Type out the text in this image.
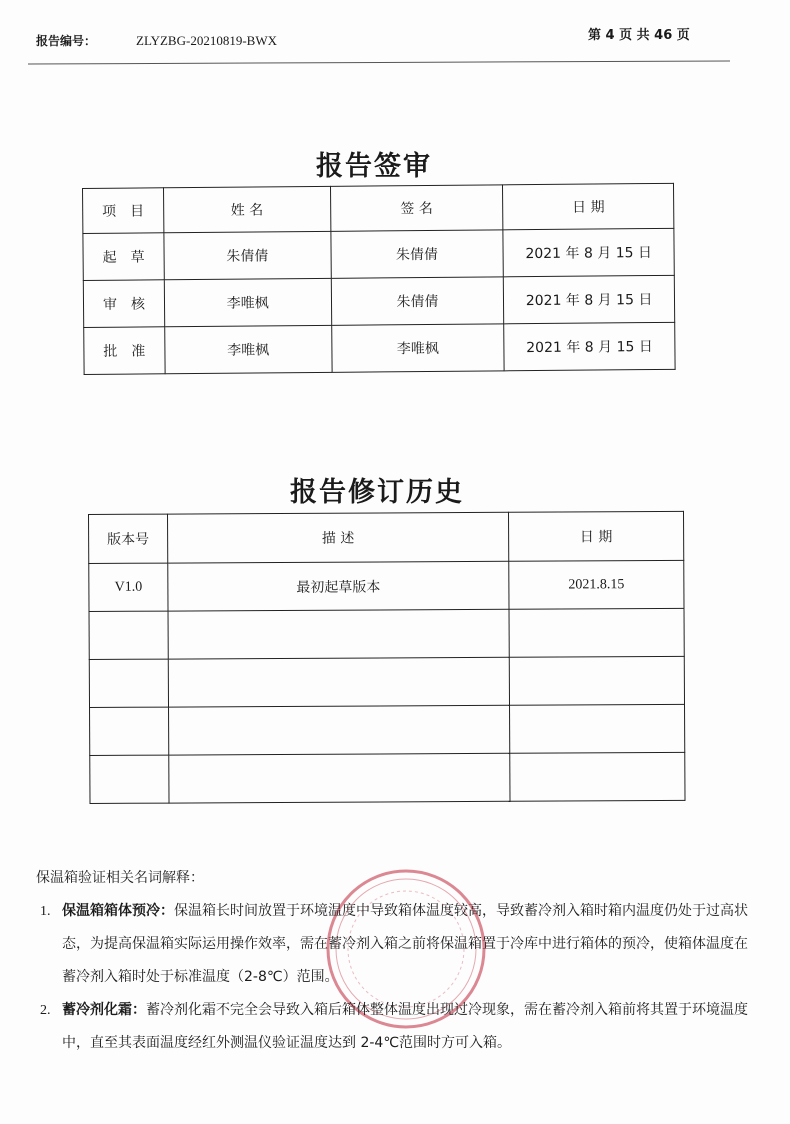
报告编号：	ZLYZBG-20210819-BWX	第 4 页 共 46 页
报告签审
项　目	姓 名	签 名	日 期
起　草	朱倩倩	朱倩倩	2021 年 8 月 15 日
审　核	李唯枫	朱倩倩	2021 年 8 月 15 日
批　准	李唯枫	李唯枫	2021 年 8 月 15 日
报告修订历史
版本号	描 述	日 期
V1.0	最初起草版本	2021.8.15

保温箱验证相关名词解释：
1. 保温箱箱体预冷：保温箱长时间放置于环境温度中导致箱体温度较高，导致蓄冷剂入箱时箱内温度仍处于过高状态，为提高保温箱实际运用操作效率，需在蓄冷剂入箱之前将保温箱置于冷库中进行箱体的预冷，使箱体温度在蓄冷剂入箱时处于标准温度（2-8℃）范围。
2. 蓄冷剂化霜：蓄冷剂化霜不完全会导致入箱后箱体整体温度出现过冷现象，需在蓄冷剂入箱前将其置于环境温度中，直至其表面温度经红外测温仪验证温度达到 2-4℃范围时方可入箱。
